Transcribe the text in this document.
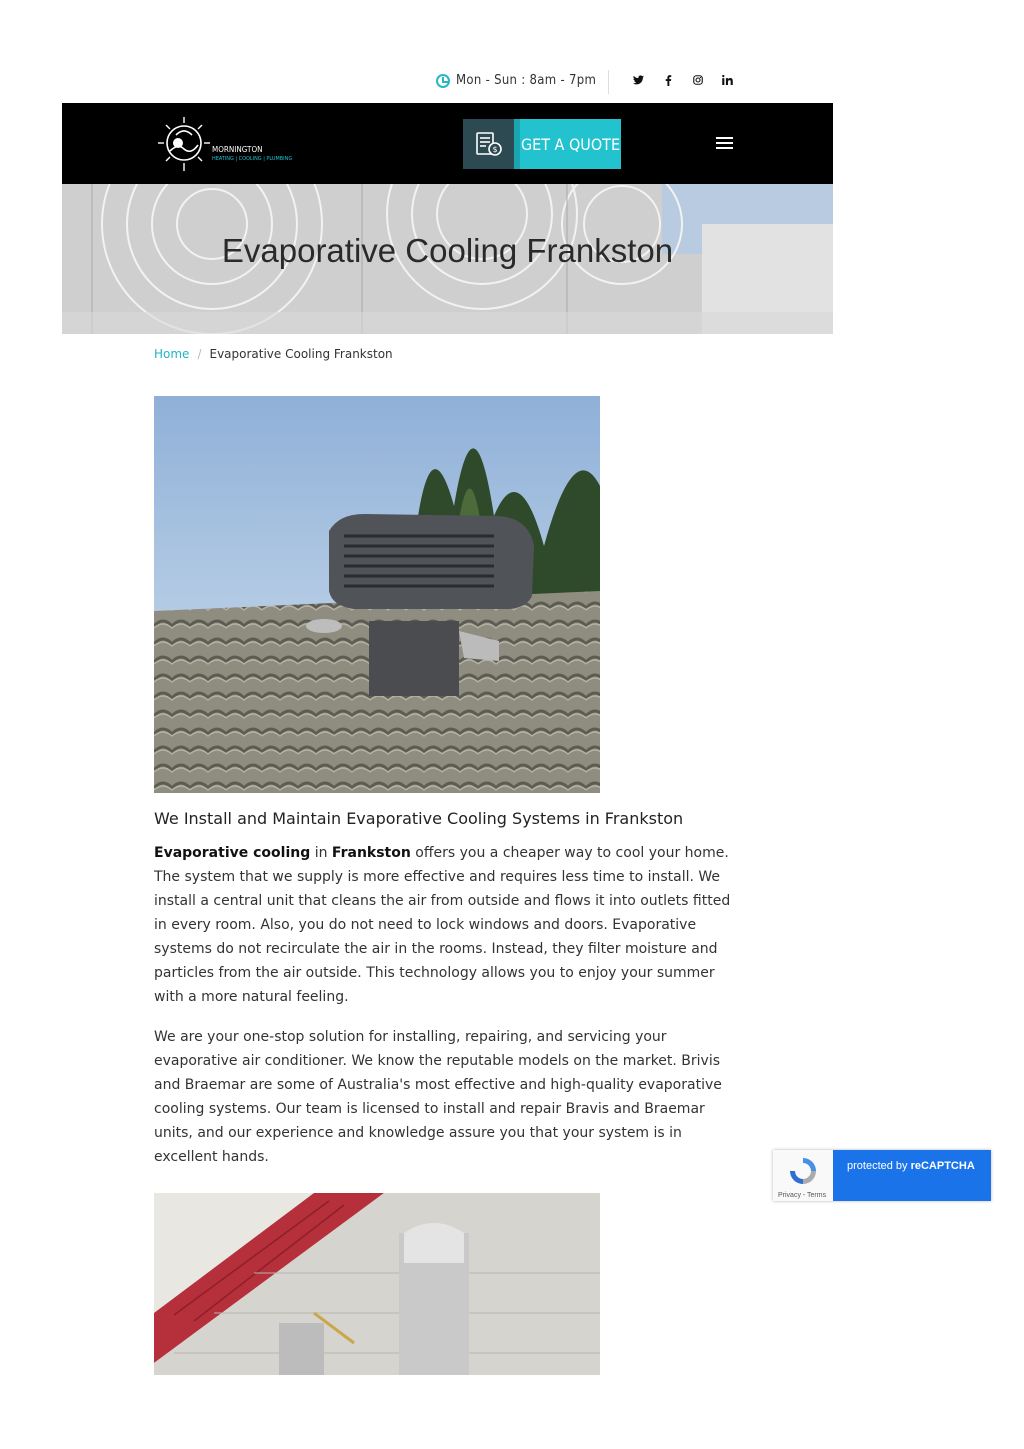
Mon - Sun : 8am - 7pm
MORNINGTON
HEATING | COOLING | PLUMBING
$	GET A QUOTE
Evaporative Cooling Frankston
Home / Evaporative Cooling Frankston
We Install and Maintain Evaporative Cooling Systems in Frankston

Evaporative cooling in Frankston offers you a cheaper way to cool your home. The system that we supply is more effective and requires less time to install. We install a central unit that cleans the air from outside and flows it into outlets fitted in every room. Also, you do not need to lock windows and doors. Evaporative systems do not recirculate the air in the rooms. Instead, they filter moisture and particles from the air outside. This technology allows you to enjoy your summer with a more natural feeling.

We are your one-stop solution for installing, repairing, and servicing your evaporative air conditioner. We know the reputable models on the market. Brivis and Braemar are some of Australia's most effective and high-quality evaporative cooling systems. Our team is licensed to install and repair Bravis and Braemar units, and our experience and knowledge assure you that your system is in excellent hands.

Privacy - Terms
protected by reCAPTCHA
